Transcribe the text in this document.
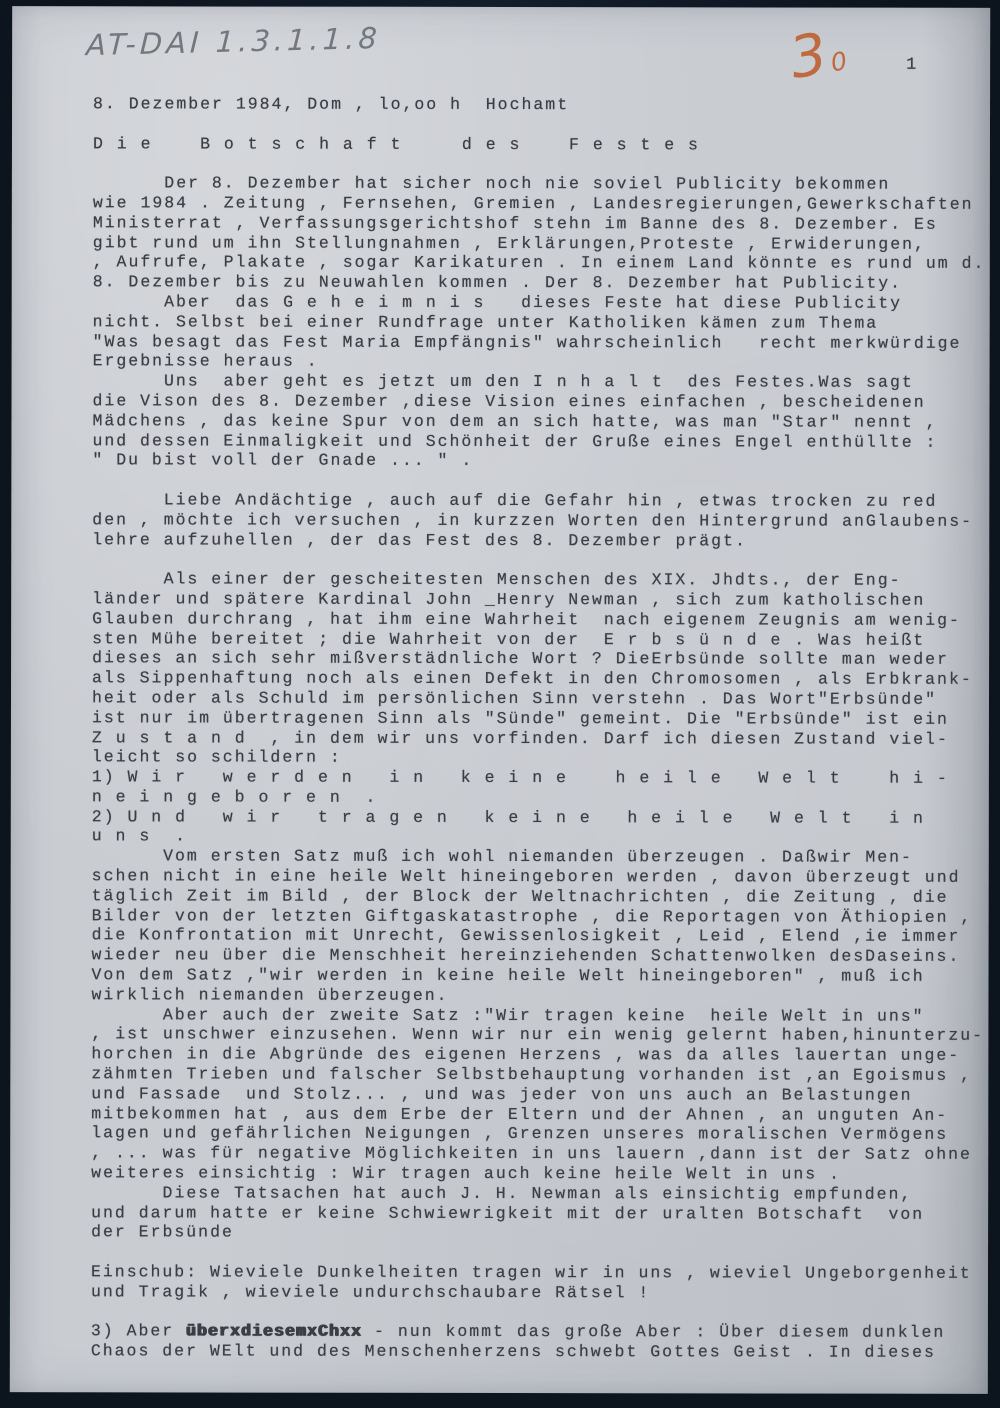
AT-DAI 1.3.1.1.8	30	1
8. Dezember 1984, Dom , lo,oo h  Hochamt
D i e    B o t s c h a f t     d e s    F e s t e s
Der 8. Dezember hat sicher noch nie soviel Publicity bekommen
wie 1984 . Zeitung , Fernsehen, Gremien , Landesregierungen,Gewerkschaften
Ministerrat , Verfassungsgerichtshof stehn im Banne des 8. Dezember. Es
gibt rund um ihn Stellungnahmen , Erklärungen,Proteste , Erwiderungen,
, Aufrufe, Plakate , sogar Karikaturen . In einem Land könnte es rund um d.
8. Dezember bis zu Neuwahlen kommen . Der 8. Dezember hat Publicity.
Aber  das G e h e i m n i s   dieses Feste hat diese Publicity
nicht. Selbst bei einer Rundfrage unter Katholiken kämen zum Thema
"Was besagt das Fest Maria Empfängnis" wahrscheinlich   recht merkwürdige
Ergebnisse heraus .
Uns  aber geht es jetzt um den I n h a l t  des Festes.Was sagt
die Vison des 8. Dezember ,diese Vision eines einfachen , bescheidenen
Mädchens , das keine Spur von dem an sich hatte, was man "Star" nennt ,
und dessen Einmaligkeit und Schönheit der Gruße eines Engel enthüllte :
" Du bist voll der Gnade ... " .
Liebe Andächtige , auch auf die Gefahr hin , etwas trocken zu red
den , möchte ich versuchen , in kurzzen Worten den Hintergrund anGlaubens-
lehre aufzuhellen , der das Fest des 8. Dezember prägt.
Als einer der gescheitesten Menschen des XIX. Jhdts., der Eng-
länder und spätere Kardinal John _Henry Newman , sich zum katholischen
Glauben durchrang , hat ihm eine Wahrheit  nach eigenem Zeugnis am wenig-
sten Mühe bereitet ; die Wahrheit von der  E r b s ü n d e . Was heißt
dieses an sich sehr mißverstädnliche Wort ? DieErbsünde sollte man weder
als Sippenhaftung noch als einen Defekt in den Chromosomen , als Erbkrank-
heit oder als Schuld im persönlichen Sinn verstehn . Das Wort"Erbsünde"
ist nur im übertragenen Sinn als "Sünde" gemeint. Die "Erbsünde" ist ein
Z u s t a n d  , in dem wir uns vorfinden. Darf ich diesen Zustand viel-
leicht so schildern :
1) W i r   w e r d e n   i n   k e i n e    h e i l e   W e l t    h i -
n e i n g e b o r e n  .
2) U n d   w i r   t r a g e n   k e i n e   h e i l e   W e l t   i n
u n s  .
Vom ersten Satz muß ich wohl niemanden überzeugen . Daßwir Men-
schen nicht in eine heile Welt hineingeboren werden , davon überzeugt und
täglich Zeit im Bild , der Block der Weltnachrichten , die Zeitung , die
Bilder von der letzten Giftgaskatastrophe , die Reportagen von Äthiopien ,
die Konfrontation mit Unrecht, Gewissenlosigkeit , Leid , Elend ,ie immer
wieder neu über die Menschheit hereinziehenden Schattenwolken desDaseins.
Von dem Satz ,"wir werden in keine heile Welt hineingeboren" , muß ich
wirklich niemanden überzeugen.
Aber auch der zweite Satz :"Wir tragen keine  heile Welt in uns"
, ist unschwer einzusehen. Wenn wir nur ein wenig gelernt haben,hinunterzu-
horchen in die Abgründe des eigenen Herzens , was da alles lauertan unge-
zähmten Trieben und falscher Selbstbehauptung vorhanden ist ,an Egoismus ,
und Fassade  und Stolz... , und was jeder von uns auch an Belastungen
mitbekommen hat , aus dem Erbe der Eltern und der Ahnen , an unguten An-
lagen und gefährlichen Neigungen , Grenzen unseres moralischen Vermögens
, ... was für negative Möglichkeiten in uns lauern ,dann ist der Satz ohne
weiteres einsichtig : Wir tragen auch keine heile Welt in uns .
Diese Tatsachen hat auch J. H. Newman als einsichtig empfunden,
und darum hatte er keine Schwiewrigkeit mit der uralten Botschaft  von
der Erbsünde
Einschub: Wieviele Dunkelheiten tragen wir in uns , wieviel Ungeborgenheit
und Tragik , wieviele undurchschaubare Rätsel !
3) Aber überxdiesemxChxx - nun kommt das große Aber : Über diesem dunklen
Chaos der WElt und des Menschenherzens schwebt Gottes Geist . In dieses
